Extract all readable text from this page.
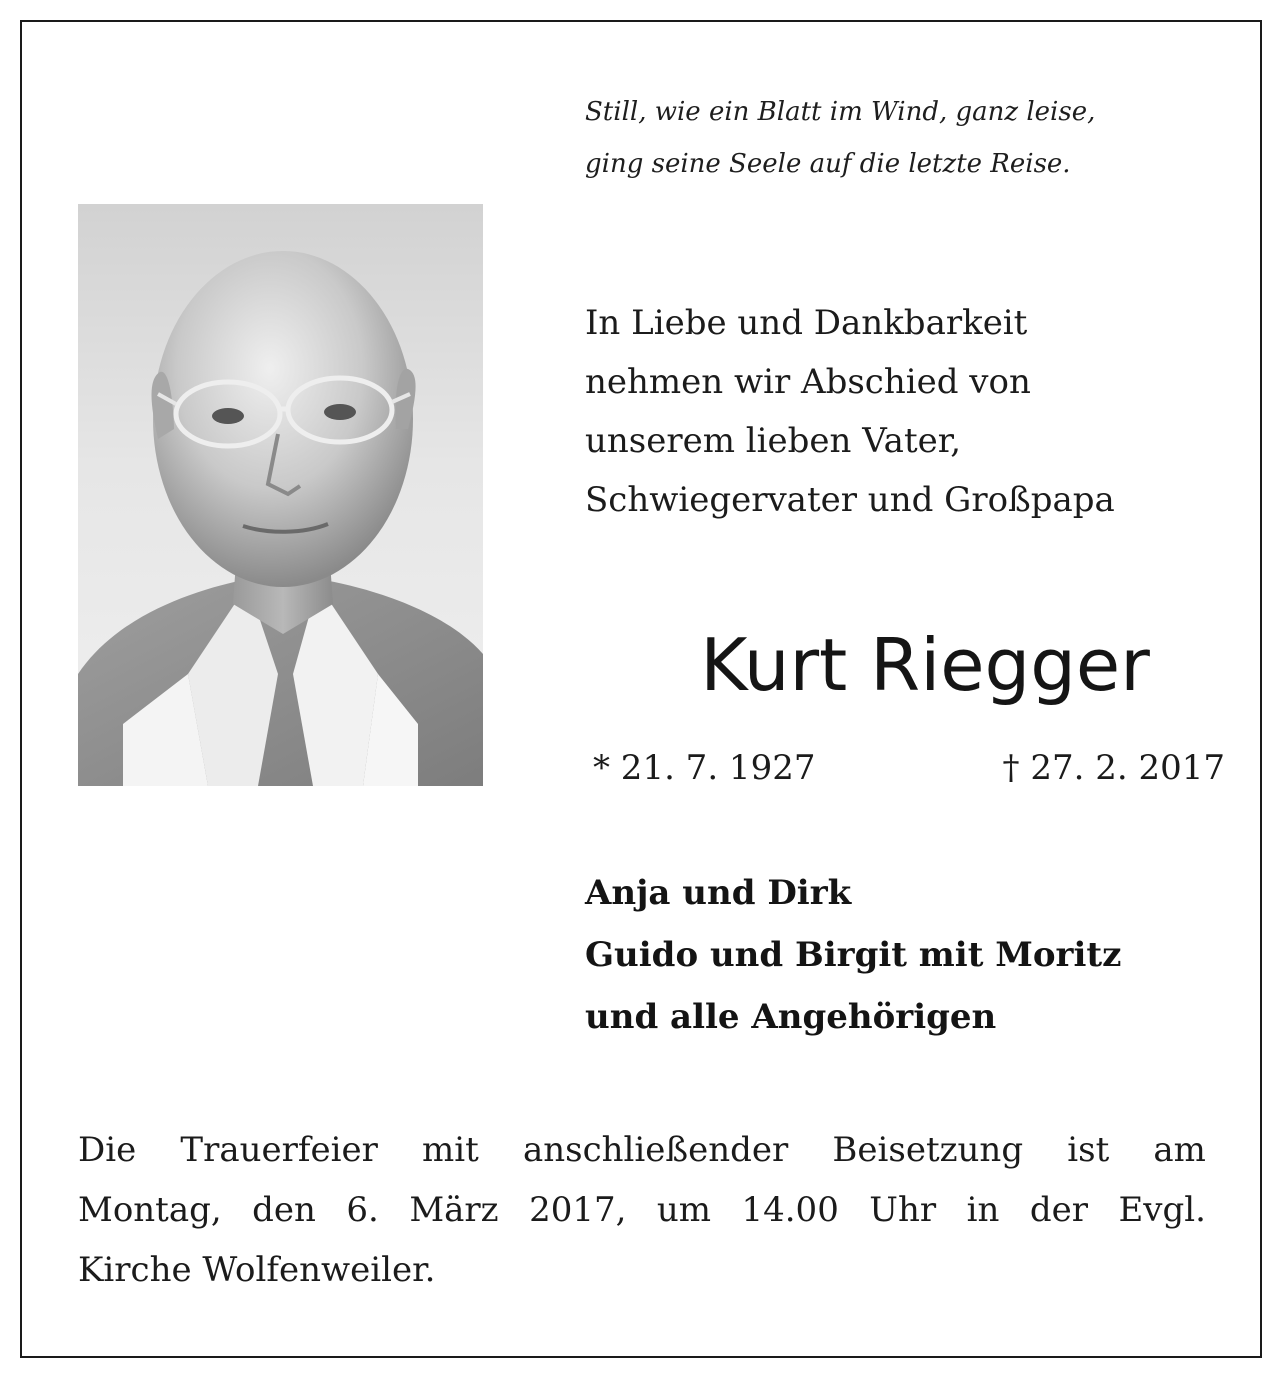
Still, wie ein Blatt im Wind, ganz leise,
ging seine Seele auf die letzte Reise.
In Liebe und Dankbarkeit
nehmen wir Abschied von
unserem lieben Vater,
Schwiegervater und Großpapa
Kurt Riegger
* 21. 7. 1927	† 27. 2. 2017
Anja und Dirk
Guido und Birgit mit Moritz
und alle Angehörigen
Die Trauerfeier mit anschließender Beisetzung ist am
Montag, den 6. März 2017, um 14.00 Uhr in der Evgl.
Kirche Wolfenweiler.
